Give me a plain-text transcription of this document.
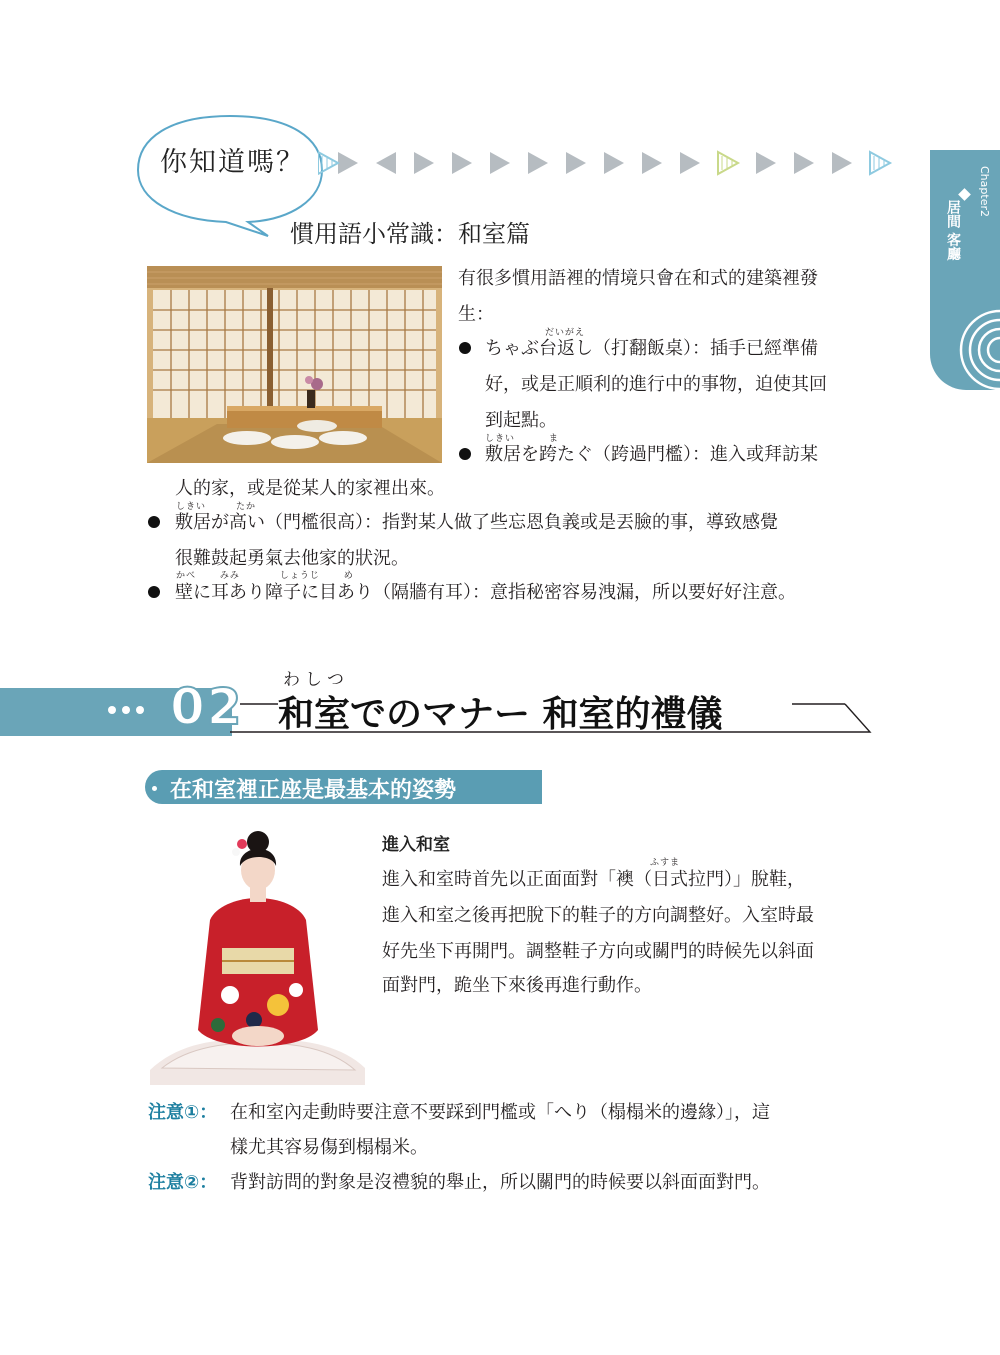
你知道嗎？
Chapter2
居間 客廳
慣用語小常識：和室篇
有很多慣用語裡的情境只會在和式的建築裡發
生：
だいがえ
ちゃぶ台返し（打翻飯桌）：插手已經準備
好，或是正順利的進行中的事物，迫使其回
到起點。
しきい　　　 ま
敷居を跨たぐ（跨過門檻）：進入或拜訪某
人的家，或是從某人的家裡出來。
しきい　　　たか
敷居が高い（門檻很高）：指對某人做了些忘恩負義或是丟臉的事，導致感覺
很難鼓起勇氣去他家的狀況。
かべ　　 みみ　　　　しょうじ　　 め
壁に耳あり障子に目あり（隔牆有耳）：意指秘密容易洩漏，所以要好好注意。
02 わしつ
和室でのマナー 和室的禮儀
在和室裡正座是最基本的姿勢
進入和室
ふすま
進入和室時首先以正面面對「襖（日式拉門）」脫鞋，
進入和室之後再把脫下的鞋子的方向調整好。入室時最
好先坐下再開門。調整鞋子方向或關門的時候先以斜面
面對門，跪坐下來後再進行動作。
注意①： 在和室內走動時要注意不要踩到門檻或「へり（榻榻米的邊緣）」，這
樣尤其容易傷到榻榻米。
注意②： 背對訪問的對象是沒禮貌的舉止，所以關門的時候要以斜面面對門。
